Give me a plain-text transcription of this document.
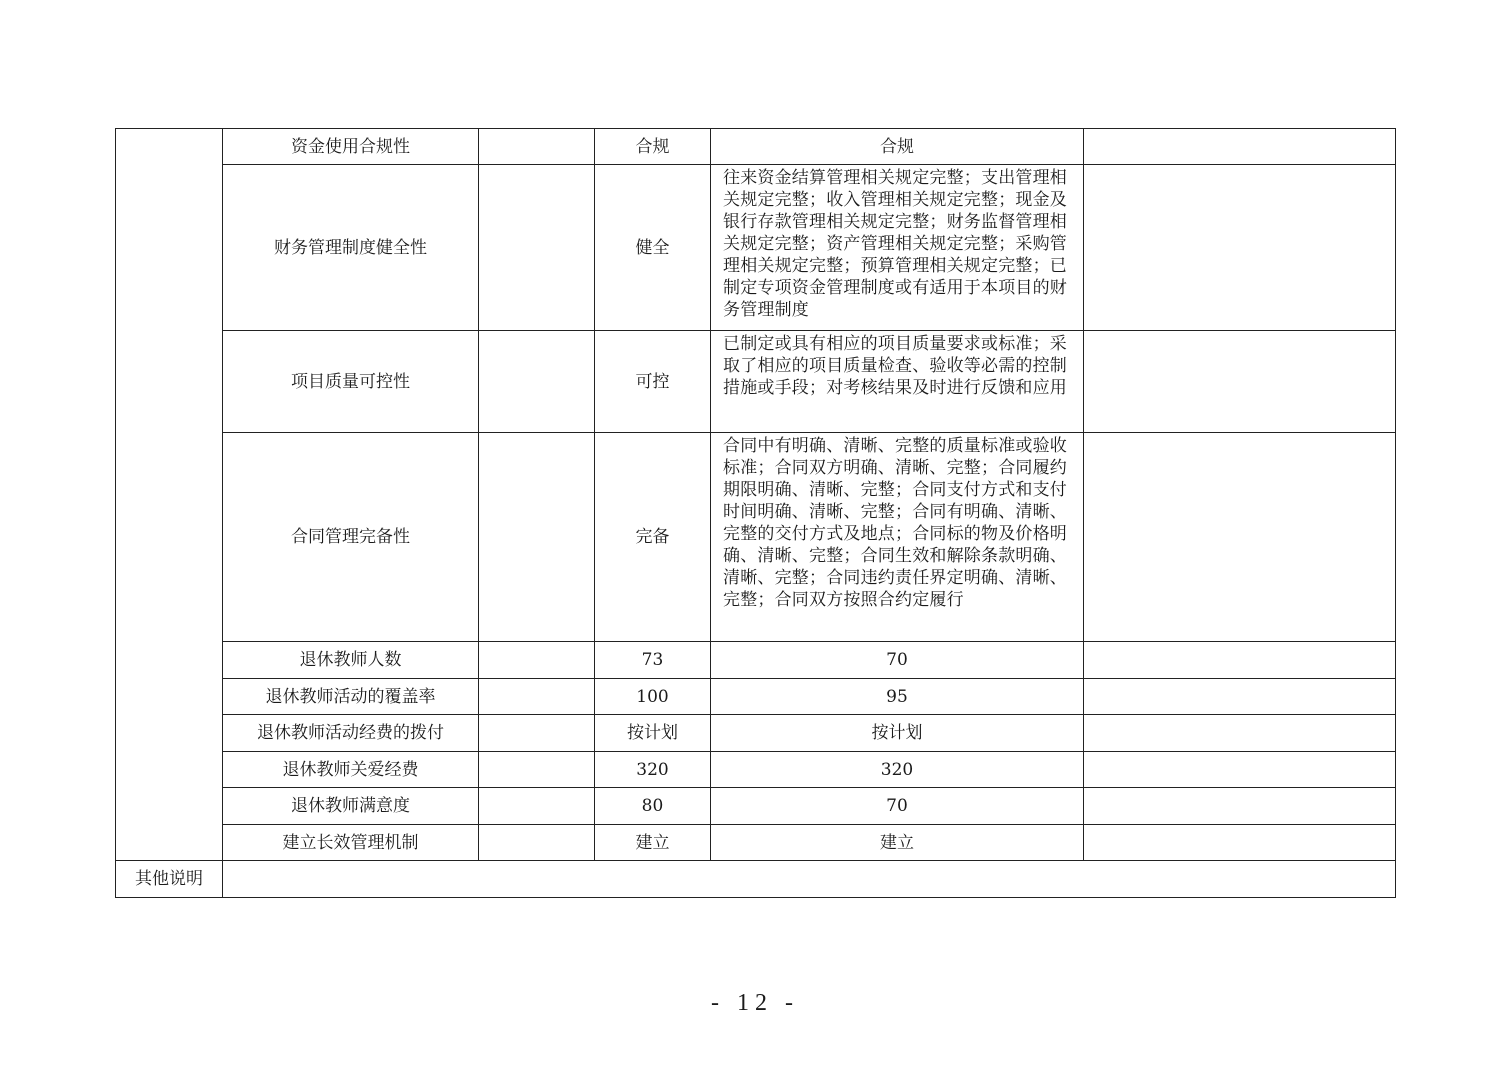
	资金使用合规性		合规	合规	
	财务管理制度健全性		健全	往来资金结算管理相关规定完整；支出管理相关规定完整；收入管理相关规定完整；现金及银行存款管理相关规定完整；财务监督管理相关规定完整；资产管理相关规定完整；采购管理相关规定完整；预算管理相关规定完整；已制定专项资金管理制度或有适用于本项目的财务管理制度	
	项目质量可控性		可控	已制定或具有相应的项目质量要求或标准；采取了相应的项目质量检查、验收等必需的控制措施或手段；对考核结果及时进行反馈和应用	
	合同管理完备性		完备	合同中有明确、清晰、完整的质量标准或验收标准；合同双方明确、清晰、完整；合同履约期限明确、清晰、完整；合同支付方式和支付时间明确、清晰、完整；合同有明确、清晰、完整的交付方式及地点；合同标的物及价格明确、清晰、完整；合同生效和解除条款明确、清晰、完整；合同违约责任界定明确、清晰、完整；合同双方按照合约定履行	
	退休教师人数		73	70	
	退休教师活动的覆盖率		100	95	
	退休教师活动经费的拨付		按计划	按计划	
	退休教师关爱经费		320	320	
	退休教师满意度		80	70	
	建立长效管理机制		建立	建立	
其他说明					
- 12 -
